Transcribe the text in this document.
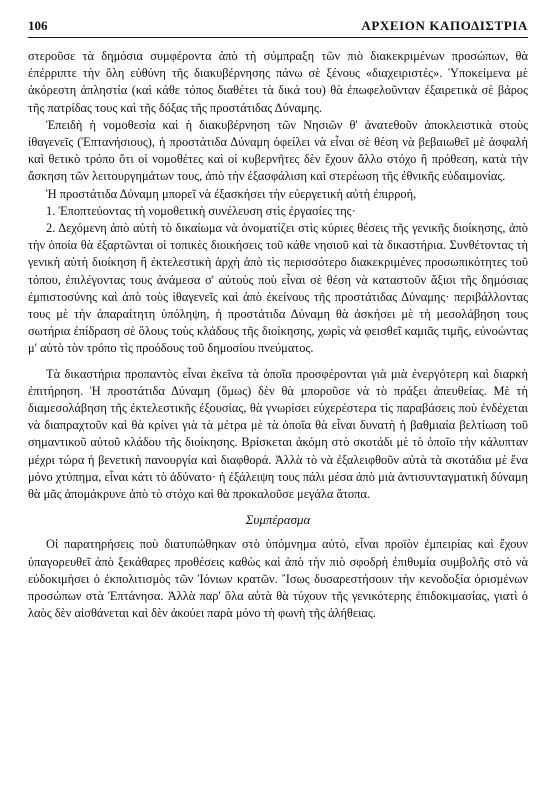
106	ΑΡΧΕΙΟΝ ΚΑΠΟΔΙΣΤΡΙΑ

στεροῦσε τὰ δημόσια συμφέροντα ἀπὸ τὴ σύμπραξη τῶν πιὸ διακεκριμένων προσώπων, θὰ ἐπέρριπτε τὴν ὅλη εὐθύνη τῆς διακυβέρνησης πάνω σὲ ξένους «διαχειριστές». Ὑποκείμενα μὲ ἀκόρεστη ἀπληστία (καὶ κάθε τόπος διαθέτει τὰ δικά του) θὰ ἐπωφελοῦνταν ἐξαιρετικὰ σὲ βάρος τῆς πατρίδας τους καὶ τῆς δόξας τῆς προστάτιδας Δύναμης.

Ἐπειδὴ ἡ νομοθεσία καὶ ἡ διακυβέρνηση τῶν Νησιῶν θ' ἀνατεθοῦν ἀποκλειστικὰ στοὺς ἰθαγενεῖς (Ἑπτανήσιους), ἡ προστάτιδα Δύναμη ὀφείλει νὰ εἶναι σὲ θέση νὰ βεβαιωθεῖ μὲ ἀσφαλὴ καὶ θετικὸ τρόπο ὅτι οἱ νομοθέτες καὶ οἱ κυβερνῆτες δὲν ἔχουν ἄλλο στόχο ἢ πρόθεση, κατὰ τὴν ἄσκηση τῶν λειτουργημάτων τους, ἀπὸ τὴν ἐξασφάλιση καὶ στερέωση τῆς ἐθνικῆς εὐδαιμονίας.

Ἡ προστάτιδα Δύναμη μπορεῖ νὰ ἐξασκήσει τὴν εὐεργετικὴ αὐτὴ ἐπιρροή,

1. Ἐποπτεύοντας τὴ νομοθετικὴ συνέλευση στὶς ἐργασίες της·

2. Δεχόμενη ἀπὸ αὐτὴ τὸ δικαίωμα νὰ ὀνοματίζει στὶς κύριες θέσεις τῆς γενικῆς διοίκησης, ἀπὸ τὴν ὁποία θὰ ἐξαρτῶνται οἱ τοπικὲς διοικήσεις τοῦ κάθε νησιοῦ καὶ τὰ δικαστήρια. Συνθέτοντας τὴ γενικὴ αὐτὴ διοίκηση ἢ ἐκτελεστικὴ ἀρχὴ ἀπὸ τὶς περισσότερο διακεκριμένες προσωπικότητες τοῦ τόπου, ἐπιλέγοντας τους ἀνάμεσα σ' αὐτοὺς ποὺ εἶναι σὲ θέση νὰ καταστοῦν ἄξιοι τῆς δημόσιας ἐμπιστοσύνης καὶ ἀπὸ τοὺς ἰθαγενεῖς καὶ ἀπὸ ἐκείνους τῆς προστάτιδας Δύναμης· περιβάλλοντας τους μὲ τὴν ἀπαραίτητη ὑπόληψη, ἡ προστάτιδα Δύναμη θὰ ἀσκήσει μὲ τὴ μεσολάβηση τους σωτήρια ἐπίδραση σὲ ὅλους τοὺς κλάδους τῆς διοίκησης, χωρὶς νὰ φεισθεῖ καμιᾶς τιμῆς, εὐνοώντας μ' αὐτὸ τὸν τρόπο τὶς προόδους τοῦ δημοσίου πνεύματος.

Τὰ δικαστήρια προπαντὸς εἶναι ἐκεῖνα τὰ ὁποῖα προσφέρονται γιὰ μιὰ ἐνεργότερη καὶ διαρκὴ ἐπιτήρηση. Ἡ προστάτιδα Δύναμη (ὅμως) δὲν θὰ μποροῦσε νὰ τὸ πράξει ἀπευθείας. Μὲ τὴ διαμεσολάβηση τῆς ἐκτελεστικῆς ἐξουσίας, θὰ γνωρίσει εὐχερέστερα τὶς παραβάσεις ποὺ ἐνδέχεται νὰ διαπραχτοῦν καὶ θὰ κρίνει γιὰ τὰ μέτρα μὲ τὰ ὁποῖα θὰ εἶναι δυνατὴ ἡ βαθμιαία βελτίωση τοῦ σημαντικοῦ αὐτοῦ κλάδου τῆς διοίκησης. Βρίσκεται ἀκόμη στὸ σκοτάδι μὲ τὸ ὁποῖο τὴν κάλυπταν μέχρι τώρα ἡ βενετικὴ πανουργία καὶ διαφθορά. Ἀλλὰ τὸ νὰ ἐξαλειφθοῦν αὐτὰ τὰ σκοτάδια μὲ ἕνα μόνο χτύπημα, εἶναι κάτι τὸ ἀδύνατο· ἡ ἐξάλειψη τους πάλι μέσα ἀπὸ μιὰ ἀντισυνταγματικὴ δύναμη θὰ μᾶς ἀπομάκρυνε ἀπὸ τὸ στόχο καὶ θὰ προκαλοῦσε μεγάλα ἄτοπα.

Συμπέρασμα

Οἱ παρατηρήσεις ποὺ διατυπώθηκαν στὸ ὑπόμνημα αὐτό, εἶναι προϊὸν ἐμπειρίας καὶ ἔχουν ὑπαγορευθεῖ ἀπὸ ξεκάθαρες προθέσεις καθὼς καὶ ἀπὸ τὴν πιὸ σφοδρὴ ἐπιθυμία συμβολῆς στὸ νὰ εὐδοκιμήσει ὁ ἐκπολιτισμὸς τῶν Ἰόνιων κρατῶν. Ἴσως δυσαρεστήσουν τὴν κενοδοξία ὁρισμένων προσώπων στὰ Ἑπτάνησα. Ἀλλὰ παρ' ὅλα αὐτὰ θὰ τύχουν τῆς γενικότερης ἐπιδοκιμασίας, γιατὶ ὁ λαὸς δὲν αἰσθάνεται καὶ δὲν ἀκούει παρὰ μόνο τὴ φωνὴ τῆς ἀλήθειας.
